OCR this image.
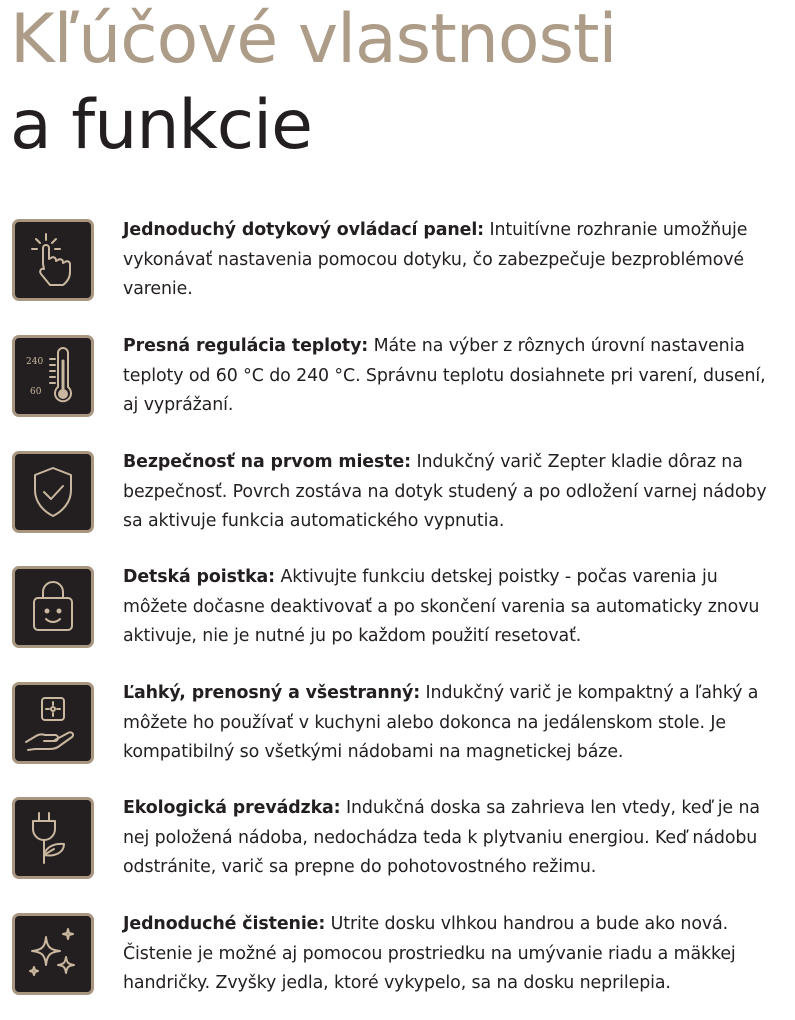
Kľúčové vlastnosti
a funkcie
Jednoduchý dotykový ovládací panel: Intuitívne rozhranie umožňuje vykonávať nastavenia pomocou dotyku, čo zabezpečuje bezproblémové varenie.
240
60
Presná regulácia teploty: Máte na výber z rôznych úrovní nastavenia teploty od 60 °C do 240 °C. Správnu teplotu dosiahnete pri varení, dusení, aj vyprážaní.
Bezpečnosť na prvom mieste: Indukčný varič Zepter kladie dôraz na bezpečnosť. Povrch zostáva na dotyk studený a po odložení varnej nádoby sa aktivuje funkcia automatického vypnutia.
Detská poistka: Aktivujte funkciu detskej poistky - počas varenia ju môžete dočasne deaktivovať a po skončení varenia sa automaticky znovu aktivuje, nie je nutné ju po každom použití resetovať.
Ľahký, prenosný a všestranný: Indukčný varič je kompaktný a ľahký a môžete ho používať v kuchyni alebo dokonca na jedálenskom stole. Je kompatibilný so všetkými nádobami na magnetickej báze.
Ekologická prevádzka: Indukčná doska sa zahrieva len vtedy, keď je na nej položená nádoba, nedochádza teda k plytvaniu energiou. Keď nádobu odstránite, varič sa prepne do pohotovostného režimu.
Jednoduché čistenie: Utrite dosku vlhkou handrou a bude ako nová. Čistenie je možné aj pomocou prostriedku na umývanie riadu a mäkkej handričky. Zvyšky jedla, ktoré vykypelo, sa na dosku neprilepia.
